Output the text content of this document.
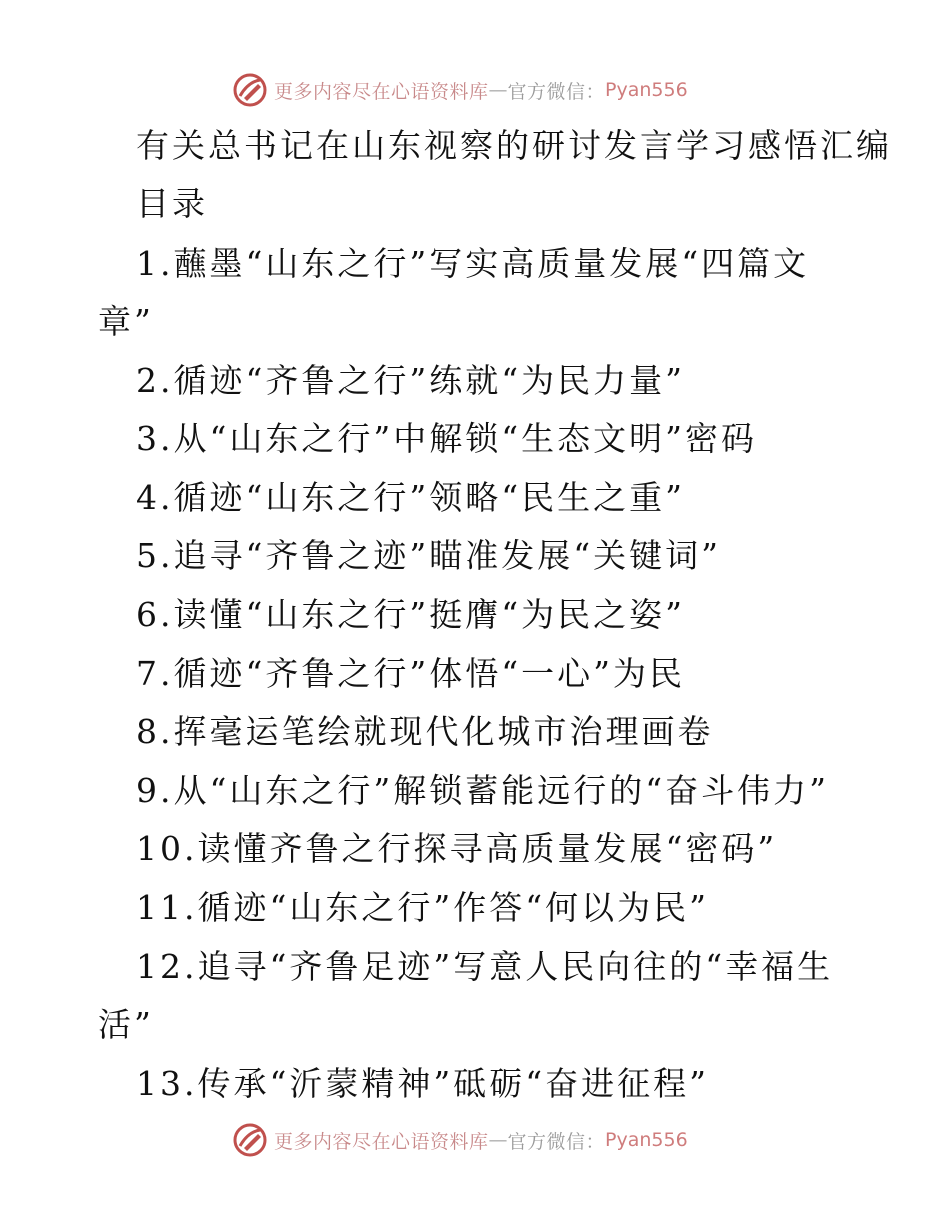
更多内容尽在心语资料库 — 官方微信： Pyan556
有关总书记在山东视察的研讨发言学习感悟汇编
目录
1.蘸墨“山东之行”写实高质量发展“四篇文
章”
2.循迹“齐鲁之行”练就“为民力量”
3.从“山东之行”中解锁“生态文明”密码
4.循迹“山东之行”领略“民生之重”
5.追寻“齐鲁之迹”瞄准发展“关键词”
6.读懂“山东之行”挺膺“为民之姿”
7.循迹“齐鲁之行”体悟“一心”为民
8.挥毫运笔绘就现代化城市治理画卷
9.从“山东之行”解锁蓄能远行的“奋斗伟力”
10.读懂齐鲁之行探寻高质量发展“密码”
11.循迹“山东之行”作答“何以为民”
12.追寻“齐鲁足迹”写意人民向往的“幸福生
活”
13.传承“沂蒙精神”砥砺“奋进征程”
更多内容尽在心语资料库 — 官方微信： Pyan556
